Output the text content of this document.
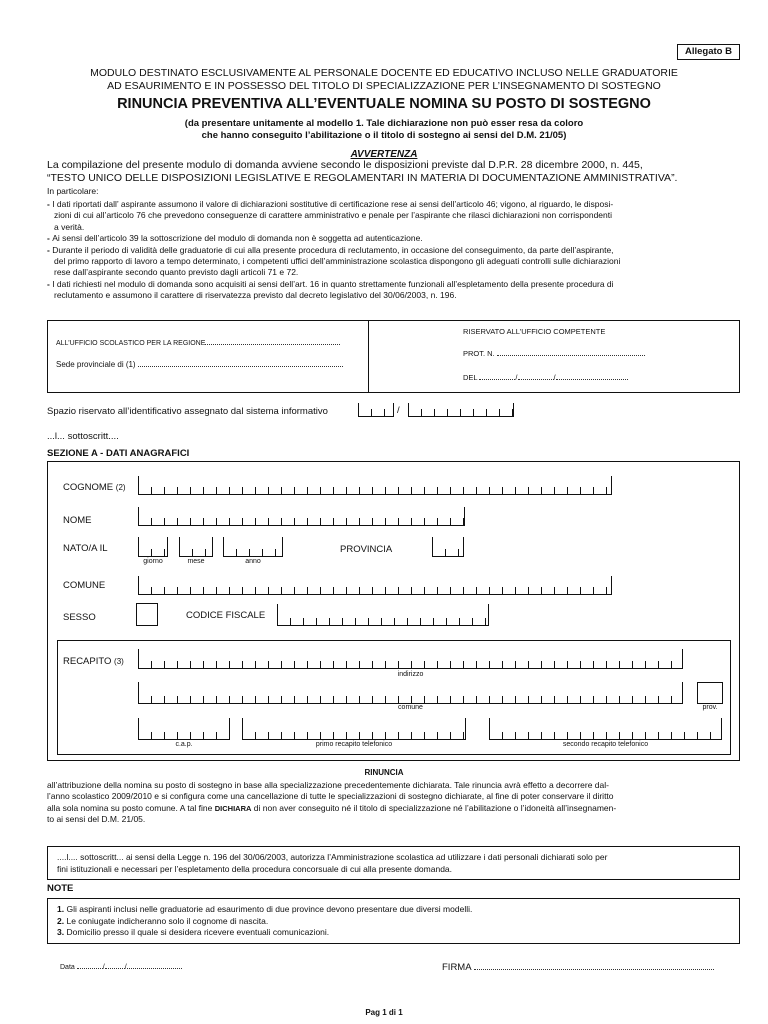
Allegato B
MODULO DESTINATO ESCLUSIVAMENTE AL PERSONALE DOCENTE ED EDUCATIVO INCLUSO NELLE GRADUATORIE
AD ESAURIMENTO E IN POSSESSO DEL TITOLO DI SPECIALIZZAZIONE PER L’INSEGNAMENTO DI SOSTEGNO
RINUNCIA PREVENTIVA ALL’EVENTUALE NOMINA SU POSTO DI SOSTEGNO
(da presentare unitamente al modello 1. Tale dichiarazione non può esser resa da coloro
che hanno conseguito l’abilitazione o il titolo di sostegno ai sensi del D.M. 21/05)
AVVERTENZA
La compilazione del presente modulo di domanda avviene secondo le disposizioni previste dal D.P.R. 28 dicembre 2000, n. 445,
“TESTO UNICO DELLE DISPOSIZIONI LEGISLATIVE E REGOLAMENTARI IN MATERIA DI DOCUMENTAZIONE AMMINISTRATIVA”.
In particolare:
- I dati riportati dall’ aspirante assumono il valore di dichiarazioni sostitutive di certificazione rese ai sensi dell’articolo 46; vigono, al riguardo, le disposi-
zioni di cui all’articolo 76 che prevedono conseguenze di carattere amministrativo e penale per l’aspirante che rilasci dichiarazioni non corrispondenti
a verità.
- Ai sensi dell’articolo 39 la sottoscrizione del modulo di domanda non è soggetta ad autenticazione.
- Durante il periodo di validità delle graduatorie di cui alla presente procedura di reclutamento, in occasione del conseguimento, da parte dell’aspirante,
del primo rapporto di lavoro a tempo determinato, i competenti uffici dell’amministrazione scolastica dispongono gli adeguati controlli sulle dichiarazioni
rese dall’aspirante secondo quanto previsto dagli articoli 71 e 72.
- I dati richiesti nel modulo di domanda sono acquisiti ai sensi dell’art. 16 in quanto strettamente funzionali all’espletamento della presente procedura di
reclutamento e assumono il carattere di riservatezza previsto dal decreto legislativo del 30/06/2003, n. 196.
ALL’UFFICIO SCOLASTICO PER LA REGIONE
Sede provinciale di (1)
RISERVATO ALL’UFFICIO COMPETENTE
PROT. N.
DEL	/	/
Spazio riservato all’identificativo assegnato dal sistema informativo	/
...l... sottoscritt....
SEZIONE A - DATI ANAGRAFICI
COGNOME (2)
NOME
NATO/A IL
giorno	mese	anno
PROVINCIA
COMUNE
SESSO	CODICE FISCALE
RECAPITO (3)
indirizzo
comune	prov.
c.a.p.	primo recapito telefonico	secondo recapito telefonico
RINUNCIA
all’attribuzione della nomina su posto di sostegno in base alla specializzazione precedentemente dichiarata. Tale rinuncia avrà effetto a decorrere dal-
l’anno scolastico 2009/2010 e si configura come una cancellazione di tutte le specializzazioni di sostegno dichiarate, al fine di poter conservare il diritto
alla sola nomina su posto comune. A tal fine DICHIARA di non aver conseguito né il titolo di specializzazione né l’abilitazione o l’idoneità all’insegnamen-
to ai sensi del D.M. 21/05.
....l.... sottoscritt... ai sensi della Legge n. 196 del 30/06/2003, autorizza l’Amministrazione scolastica ad utilizzare i dati personali dichiarati solo per
fini istituzionali e necessari per l’espletamento della procedura concorsuale di cui alla presente domanda.
NOTE
1. Gli aspiranti inclusi nelle graduatorie ad esaurimento di due province devono presentare due diversi modelli.
2. Le coniugate indicheranno solo il cognome di nascita.
3. Domicilio presso il quale si desidera ricevere eventuali comunicazioni.
Data	/	/	FIRMA
Pag 1 di 1
